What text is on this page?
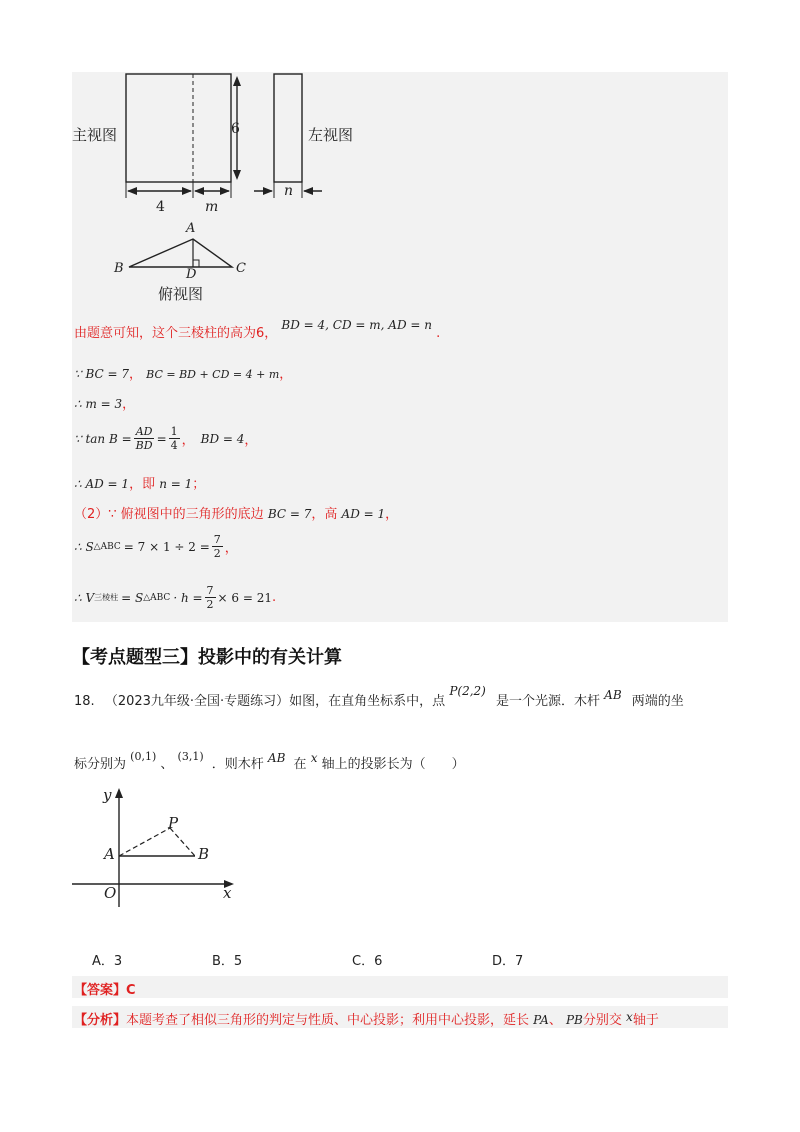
主视图	左视图
俯视图
6
4	m
n
A
B	C
D
由题意可知，这个三棱柱的高为6， BD = 4, CD = m, AD = n .
∵ BC = 7， BC = BD + CD = 4 + m，
∴ m = 3，
∵ $\tan B = \frac{AD}{BD} = \frac{1}{4}$ ， BD = 4 ，
∴ AD = 1，即 n = 1；
（2）∵ 俯视图中的三角形的底边 BC = 7，高 AD = 1，
∴ S △ABC = $7 \times 1 \div 2 = \frac{7}{2}$ ，
∴ V 三棱柱 = S △ABC · $h = \frac{7}{2} \times 6 = 21$ .
【考点题型三】投影中的有关计算
18. （2023九年级·全国·专题练习）如图，在直角坐标系中，点 P(2,2) 是一个光源．木杆 AB 两端的坐
标分别为 $^{(0,1)}$ 、 $^{(3,1)}$ ．则木杆 AB 在 x 轴上的投影长为（　　）
y
x
O
A	B
P
A．3	B．5	C．6	D．7
【答案】C
【分析】本题考查了相似三角形的判定与性质、中心投影；利用中心投影，延长 PA、 PB分别交 x轴于
